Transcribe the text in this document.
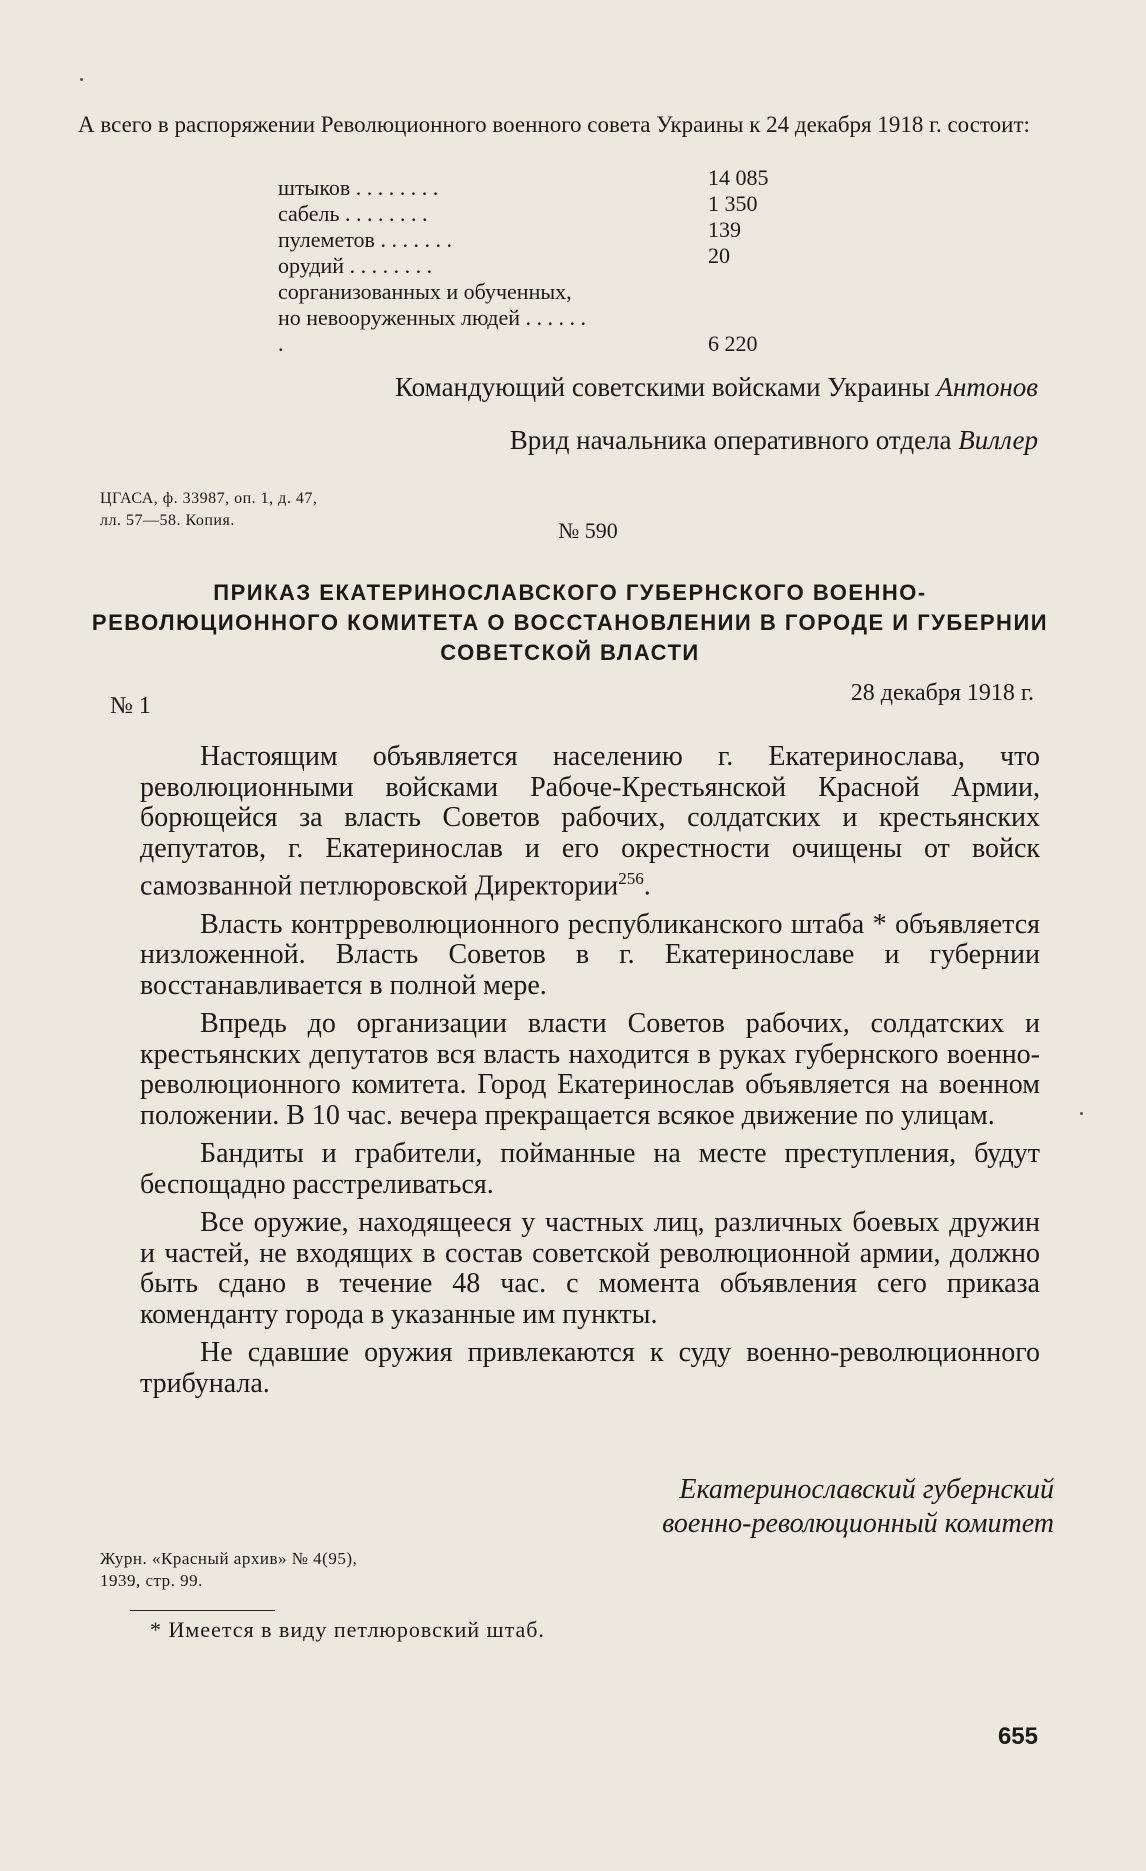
А всего в распоряжении Революционного военного совета Украины к 24 декабря 1918 г. состоит:
штыков . . . . . . . .	14 085
сабель . . . . . . . .	1 350
пулеметов . . . . . . .	139
орудий . . . . . . . .	20
сорганизованных и обученных, но невооруженных людей . . . . . . .	6 220
Командующий советскими войсками Украины Антонов
Врид начальника оперативного отдела Виллер
ЦГАСА, ф. 33987, оп. 1, д. 47,
лл. 57—58. Копия.	№ 590
ПРИКАЗ ЕКАТЕРИНОСЛАВСКОГО ГУБЕРНСКОГО ВОЕННО-РЕВОЛЮЦИОННОГО КОМИТЕТА О ВОССТАНОВЛЕНИИ В ГОРОДЕ И ГУБЕРНИИ СОВЕТСКОЙ ВЛАСТИ
№ 1	28 декабря 1918 г.

Настоящим объявляется населению г. Екатеринослава, что революционными войсками Рабоче-Крестьянской Красной Армии, борющейся за власть Советов рабочих, солдатских и крестьянских депутатов, г. Екатеринослав и его окрестности очищены от войск самозванной петлюровской Директории$^{256}$.

Власть контрреволюционного республиканского штаба * объявляется низложенной. Власть Советов в г. Екатеринославе и губернии восстанавливается в полной мере.

Впредь до организации власти Советов рабочих, солдатских и крестьянских депутатов вся власть находится в руках губернского военно-революционного комитета. Город Екатеринослав объявляется на военном положении. В 10 час. вечера прекращается всякое движение по улицам.

Бандиты и грабители, пойманные на месте преступления, будут беспощадно расстреливаться.

Все оружие, находящееся у частных лиц, различных боевых дружин и частей, не входящих в состав советской революционной армии, должно быть сдано в течение 48 час. с момента объявления сего приказа коменданту города в указанные им пункты.

Не сдавшие оружия привлекаются к суду военно-революционного трибунала.

Екатеринославский губернский
военно-революционный комитет
Журн. «Красный архив» № 4(95),
1939, стр. 99.
* Имеется в виду петлюровский штаб.
655
